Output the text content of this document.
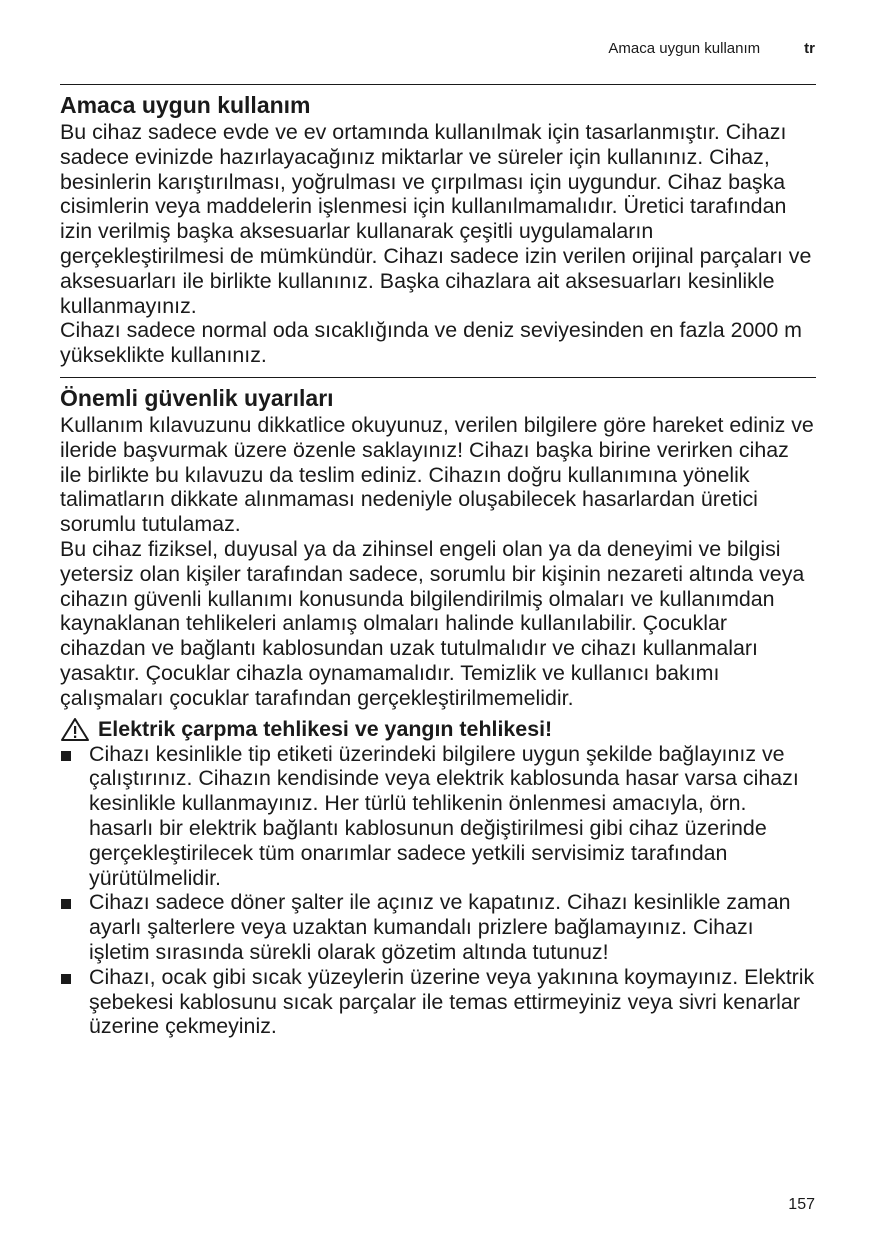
Amaca uygun kullanım	tr
Amaca uygun kullanım

Bu cihaz sadece evde ve ev ortamında kullanılmak için tasarlanmıştır. Cihazı sadece evinizde hazırlayacağınız miktarlar ve süreler için kullanınız. Cihaz, besinlerin karıştırılması, yoğrulması ve çırpılması için uygundur. Cihaz başka cisimlerin veya maddelerin işlenmesi için kullanılmamalıdır. Üretici tarafından izin verilmiş başka aksesuarlar kullanarak çeşitli uygulamaların gerçekleştirilmesi de mümkündür. Cihazı sadece izin verilen orijinal parçaları ve aksesuarları ile birlikte kullanınız. Başka cihazlara ait aksesuarları kesinlikle kullanmayınız.

Cihazı sadece normal oda sıcaklığında ve deniz seviyesinden en fazla 2000 m yükseklikte kullanınız.

Önemli güvenlik uyarıları

Kullanım kılavuzunu dikkatlice okuyunuz, verilen bilgilere göre hareket ediniz ve ileride başvurmak üzere özenle saklayınız! Cihazı başka birine verirken cihaz ile birlikte bu kılavuzu da teslim ediniz. Cihazın doğru kullanımına yönelik talimatların dikkate alınmaması nedeniyle oluşabilecek hasarlardan üretici sorumlu tutulamaz.

Bu cihaz fiziksel, duyusal ya da zihinsel engeli olan ya da deneyimi ve bilgisi yetersiz olan kişiler tarafından sadece, sorumlu bir kişinin nezareti altında veya cihazın güvenli kullanımı konusunda bilgilendirilmiş olmaları ve kullanımdan kaynaklanan tehlikeleri anlamış olmaları halinde kullanılabilir. Çocuklar cihazdan ve bağlantı kablosundan uzak tutulmalıdır ve cihazı kullanmaları yasaktır. Çocuklar cihazla oynamamalıdır. Temizlik ve kullanıcı bakımı çalışmaları çocuklar tarafından gerçekleştirilmemelidir.

Elektrik çarpma tehlikesi ve yangın tehlikesi!
Cihazı kesinlikle tip etiketi üzerindeki bilgilere uygun şekilde bağlayınız ve çalıştırınız. Cihazın kendisinde veya elektrik kablosunda hasar varsa cihazı kesinlikle kullanmayınız. Her türlü tehlikenin önlenmesi amacıyla, örn. hasarlı bir elektrik bağlantı kablosunun değiştirilmesi gibi cihaz üzerinde gerçekleştirilecek tüm onarımlar sadece yetkili servisimiz tarafından yürütülmelidir.
Cihazı sadece döner şalter ile açınız ve kapatınız. Cihazı kesinlikle zaman ayarlı şalterlere veya uzaktan kumandalı prizlere bağlamayınız. Cihazı işletim sırasında sürekli olarak gözetim altında tutunuz!
Cihazı, ocak gibi sıcak yüzeylerin üzerine veya yakınına koymayınız. Elektrik şebekesi kablosunu sıcak parçalar ile temas ettirmeyiniz veya sivri kenarlar üzerine çekmeyiniz.
157
